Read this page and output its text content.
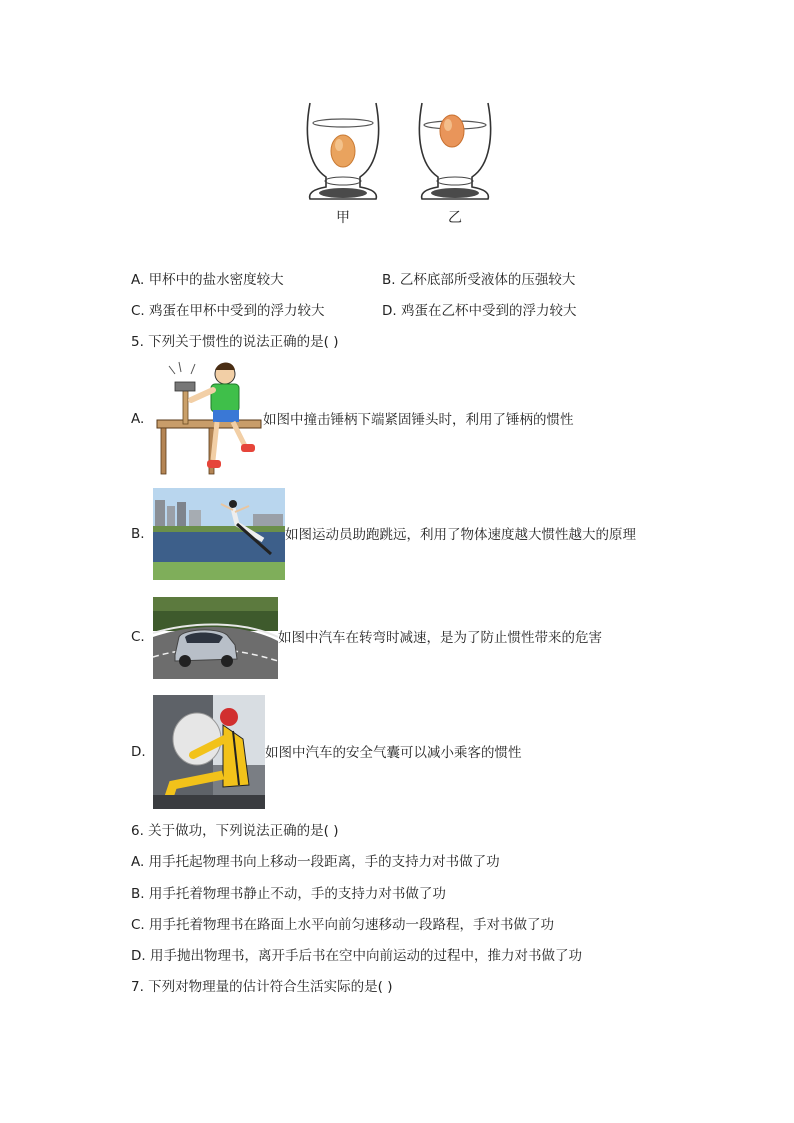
甲	乙
A. 甲杯中的盐水密度较大	B. 乙杯底部所受液体的压强较大
C. 鸡蛋在甲杯中受到的浮力较大	D. 鸡蛋在乙杯中受到的浮力较大
5. 下列关于惯性的说法正确的是( )
A.	如图中撞击锤柄下端紧固锤头时，利用了锤柄的惯性
B.	如图运动员助跑跳远，利用了物体速度越大惯性越大的原理
C.	如图中汽车在转弯时减速，是为了防止惯性带来的危害
D.	如图中汽车的安全气囊可以减小乘客的惯性
6. 关于做功，下列说法正确的是( )
A. 用手托起物理书向上移动一段距离，手的支持力对书做了功
B. 用手托着物理书静止不动，手的支持力对书做了功
C. 用手托着物理书在路面上水平向前匀速移动一段路程，手对书做了功
D. 用手抛出物理书，离开手后书在空中向前运动的过程中，推力对书做了功
7. 下列对物理量的估计符合生活实际的是( )
